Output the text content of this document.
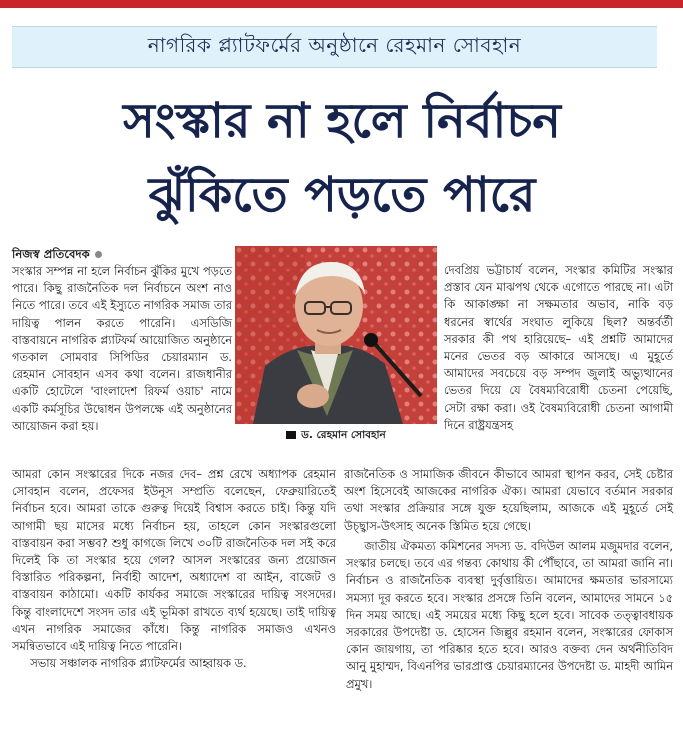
নাগরিক প্ল্যাটফর্মের অনুষ্ঠানে রেহমান সোবহান
সংস্কার না হলে নির্বাচন
ঝুঁকিতে পড়তে পারে
নিজস্ব প্রতিবেদক

সংস্কার সম্পন্ন না হলে নির্বাচন ঝুঁকির মুখে পড়তে পারে। কিছু রাজনৈতিক দল নির্বাচনে অংশ নাও নিতে পারে। তবে এই ইস্যুতে নাগরিক সমাজ তার দায়িত্ব পালন করতে পারেনি। এসডিজি বাস্তবায়নে নাগরিক প্ল্যাটফর্ম আয়োজিত অনুষ্ঠানে গতকাল সোমবার সিপিডির চেয়ারম্যান ড. রেহমান সোবহান এসব কথা বলেন। রাজধানীর একটি হোটেলে 'বাংলাদেশ রিফর্ম ওয়াচ' নামে একটি কর্মসূচির উদ্বোধন উপলক্ষে এই অনুষ্ঠানের আয়োজন করা হয়।

ড. রেহমান সোবহান

দেবপ্রিয় ভট্টাচার্য বলেন, সংস্কার কমিটির সংস্কার প্রস্তাব যেন মাঝপথ থেকে এগোতে পারছে না। এটা কি আকাঙ্ক্ষা না সক্ষমতার অভাব, নাকি বড় ধরনের স্বার্থের সংঘাত লুকিয়ে ছিল? অন্তর্বর্তী সরকার কী পথ হারিয়েছে– এই প্রশ্নটি আমাদের মনের ভেতর বড় আকারে আসছে। এ মুহূর্তে আমাদের সবচেয়ে বড় সম্পদ জুলাই অভ্যুত্থানের ভেতর দিয়ে যে বৈষম্যবিরোধী চেতনা পেয়েছি, সেটা রক্ষা করা। ওই বৈষম্যবিরোধী চেতনা আগামী দিনে রাষ্ট্রযন্ত্রসহ

রাজনৈতিক ও সামাজিক জীবনে কীভাবে আমরা স্থাপন করব, সেই চেষ্টার অংশ হিসেবেই আজকের নাগরিক ঐক্য। আমরা যেভাবে বর্তমান সরকার তথা সংস্কার প্রক্রিয়ার সঙ্গে যুক্ত হয়েছিলাম, আজকে এই মুহূর্তে সেই উচ্ছ্বাস-উৎসাহ অনেক স্তিমিত হয়ে গেছে।

আমরা কোন সংস্কারের দিকে নজর দেব– প্রশ্ন রেখে অধ্যাপক রেহমান সোবহান বলেন, প্রফেসর ইউনূস সম্প্রতি বলেছেন, ফেব্রুয়ারিতেই নির্বাচন হবে। আমরা তাকে গুরুত্ব দিয়েই বিশ্বাস করতে চাই। কিন্তু যদি আগামী ছয় মাসের মধ্যে নির্বাচন হয়, তাহলে কোন সংস্কারগুলো বাস্তবায়ন করা সম্ভব? শুধু কাগজে লিখে ৩০টি রাজনৈতিক দল সই করে দিলেই কি তা সংস্কার হয়ে গেল? আসল সংস্কারের জন্য প্রয়োজন বিস্তারিত পরিকল্পনা, নির্বাহী আদেশ, অধ্যাদেশ বা আইন, বাজেট ও বাস্তবায়ন কাঠামো। একটি কার্যকর সমাজে সংস্কারের দায়িত্ব সংসদের। কিন্তু বাংলাদেশে সংসদ তার এই ভূমিকা রাখতে ব্যর্থ হয়েছে। তাই দায়িত্ব এখন নাগরিক সমাজের কাঁধে। কিন্তু নাগরিক সমাজও এখনও সমন্বিতভাবে এই দায়িত্ব নিতে পারেনি।

সভায় সঞ্চালক নাগরিক প্ল্যাটফর্মের আহ্বায়ক ড.

জাতীয় ঐকমত্য কমিশনের সদস্য ড. বদিউল আলম মজুমদার বলেন, সংস্কার চলছে। তবে এর গন্তব্য কোথায় কী পৌঁছাবে, তা আমরা জানি না। নির্বাচন ও রাজনৈতিক ব্যবস্থা দুর্বৃত্তায়িত। আমাদের ক্ষমতার ভারসাম্যে সমস্যা দূর করতে হবে। সংস্কার প্রসঙ্গে তিনি বলেন, আমাদের সামনে ১৫ দিন সময় আছে। এই সময়ের মধ্যে কিছু হলে হবে। সাবেক তত্ত্বাবধায়ক সরকারের উপদেষ্টা ড. হোসেন জিল্লুর রহমান বলেন, সংস্কারের ফোকাস কোন জায়গায়, তা পরিষ্কার হতে হবে। আরও বক্তব্য দেন অর্থনীতিবিদ আনু মুহাম্মদ, বিএনপির ভারপ্রাপ্ত চেয়ারম্যানের উপদেষ্টা ড. মাহদী আমিন প্রমুখ।
